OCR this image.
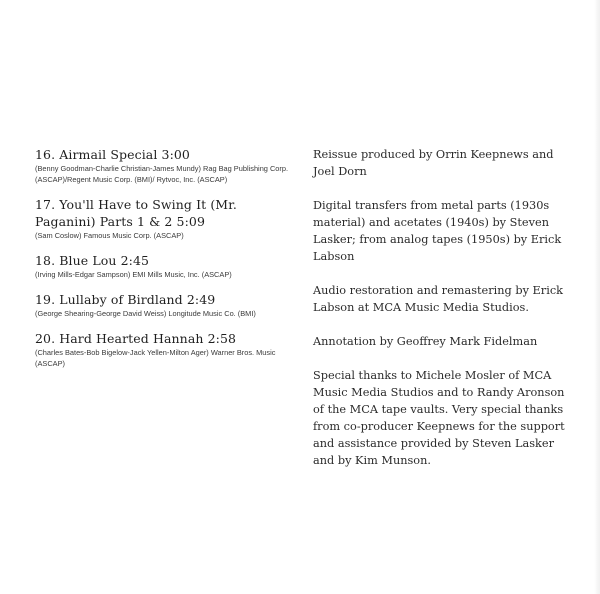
16. Airmail Special 3:00
(Benny Goodman-Charlie Christian-James Mundy) Rag Bag Publishing Corp. (ASCAP)/Regent Music Corp. (BMI)/ Rytvoc, Inc. (ASCAP)
17. You'll Have to Swing It (Mr. Paganini) Parts 1 & 2 5:09
(Sam Coslow) Famous Music Corp. (ASCAP)
18. Blue Lou 2:45
(Irving Mills-Edgar Sampson) EMI Mills Music, Inc. (ASCAP)
19. Lullaby of Birdland 2:49
(George Shearing-George David Weiss) Longitude Music Co. (BMI)
20. Hard Hearted Hannah 2:58
(Charles Bates-Bob Bigelow-Jack Yellen-Milton Ager) Warner Bros. Music (ASCAP)

Reissue produced by Orrin Keepnews and Joel Dorn

Digital transfers from metal parts (1930s material) and acetates (1940s) by Steven Lasker; from analog tapes (1950s) by Erick Labson

Audio restoration and remastering by Erick Labson at MCA Music Media Studios.

Annotation by Geoffrey Mark Fidelman

Special thanks to Michele Mosler of MCA Music Media Studios and to Randy Aronson of the MCA tape vaults. Very special thanks from co-producer Keepnews for the support and assistance provided by Steven Lasker and by Kim Munson.
